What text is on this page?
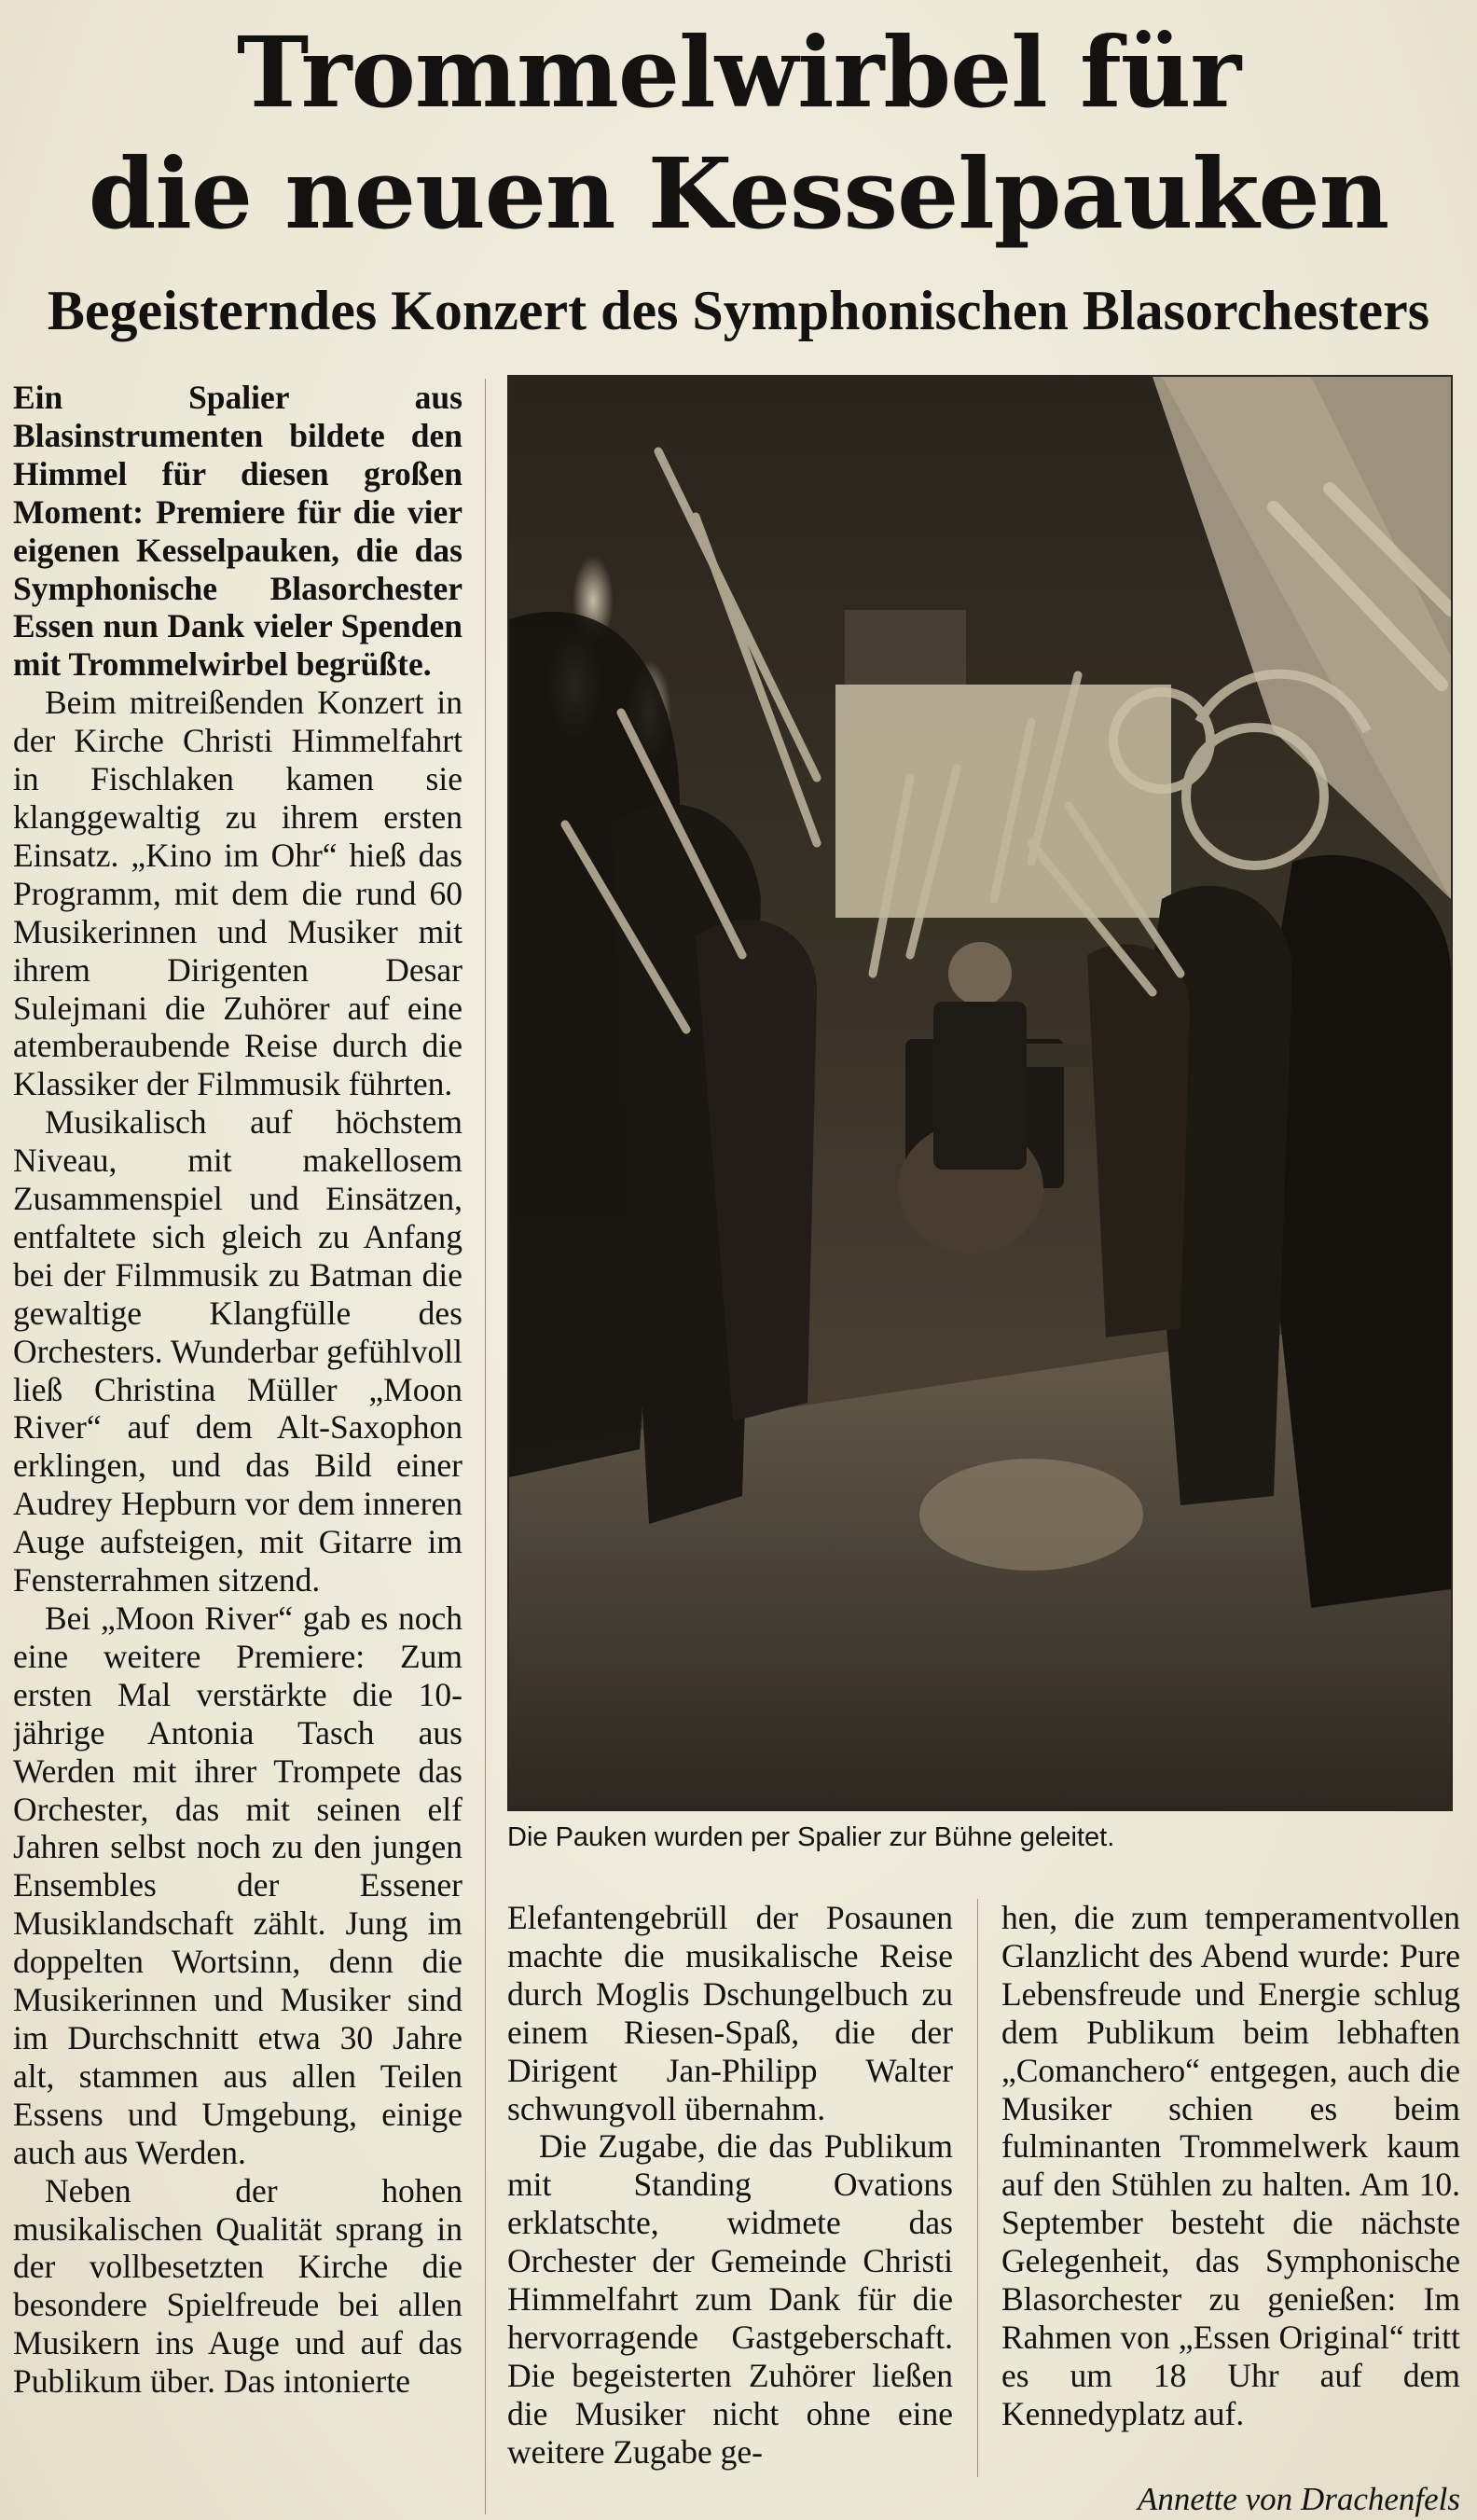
Trommelwirbel für
die neuen Kesselpauken
Begeisterndes Konzert des Symphonischen Blasorchesters

Ein Spalier aus Blasinstrumenten bildete den Himmel für diesen großen Moment: Premiere für die vier eigenen Kesselpauken, die das Symphonische Blasorchester Essen nun Dank vieler Spenden mit Trommelwirbel begrüßte.

Beim mitreißenden Konzert in der Kirche Christi Himmelfahrt in Fischlaken kamen sie klanggewaltig zu ihrem ersten Einsatz. „Kino im Ohr“ hieß das Programm, mit dem die rund 60 Musikerinnen und Musiker mit ihrem Dirigenten Desar Sulejmani die Zuhörer auf eine atemberaubende Reise durch die Klassiker der Filmmusik führten.

Musikalisch auf höchstem Niveau, mit makellosem Zusammenspiel und Einsätzen, entfaltete sich gleich zu Anfang bei der Filmmusik zu Batman die gewaltige Klangfülle des Orchesters. Wunderbar gefühlvoll ließ Christina Müller „Moon River“ auf dem Alt-Saxophon erklingen, und das Bild einer Audrey Hepburn vor dem inneren Auge aufsteigen, mit Gitarre im Fensterrahmen sitzend.

Bei „Moon River“ gab es noch eine weitere Premiere: Zum ersten Mal verstärkte die 10-jährige Antonia Tasch aus Werden mit ihrer Trompete das Orchester, das mit seinen elf Jahren selbst noch zu den jungen Ensembles der Essener Musiklandschaft zählt. Jung im doppelten Wortsinn, denn die Musikerinnen und Musiker sind im Durchschnitt etwa 30 Jahre alt, stammen aus allen Teilen Essens und Umgebung, einige auch aus Werden.

Neben der hohen musikalischen Qualität sprang in der vollbesetzten Kirche die besondere Spielfreude bei allen Musikern ins Auge und auf das Publikum über. Das intonierte

Die Pauken wurden per Spalier zur Bühne geleitet.

Elefantengebrüll der Posaunen machte die musikalische Reise durch Moglis Dschungelbuch zu einem Riesen-Spaß, die der Dirigent Jan-Philipp Walter schwungvoll übernahm.

Die Zugabe, die das Publikum mit Standing Ovations erklatschte, widmete das Orchester der Gemeinde Christi Himmelfahrt zum Dank für die hervorragende Gastgeberschaft. Die begeisterten Zuhörer ließen die Musiker nicht ohne eine weitere Zugabe ge-

hen, die zum temperamentvollen Glanzlicht des Abend wurde: Pure Lebensfreude und Energie schlug dem Publikum beim lebhaften „Comanchero“ entgegen, auch die Musiker schien es beim fulminanten Trommelwerk kaum auf den Stühlen zu halten. Am 10. September besteht die nächste Gelegenheit, das Symphonische Blasorchester zu genießen: Im Rahmen von „Essen Original“ tritt es um 18 Uhr auf dem Kennedyplatz auf.

Annette von Drachenfels
